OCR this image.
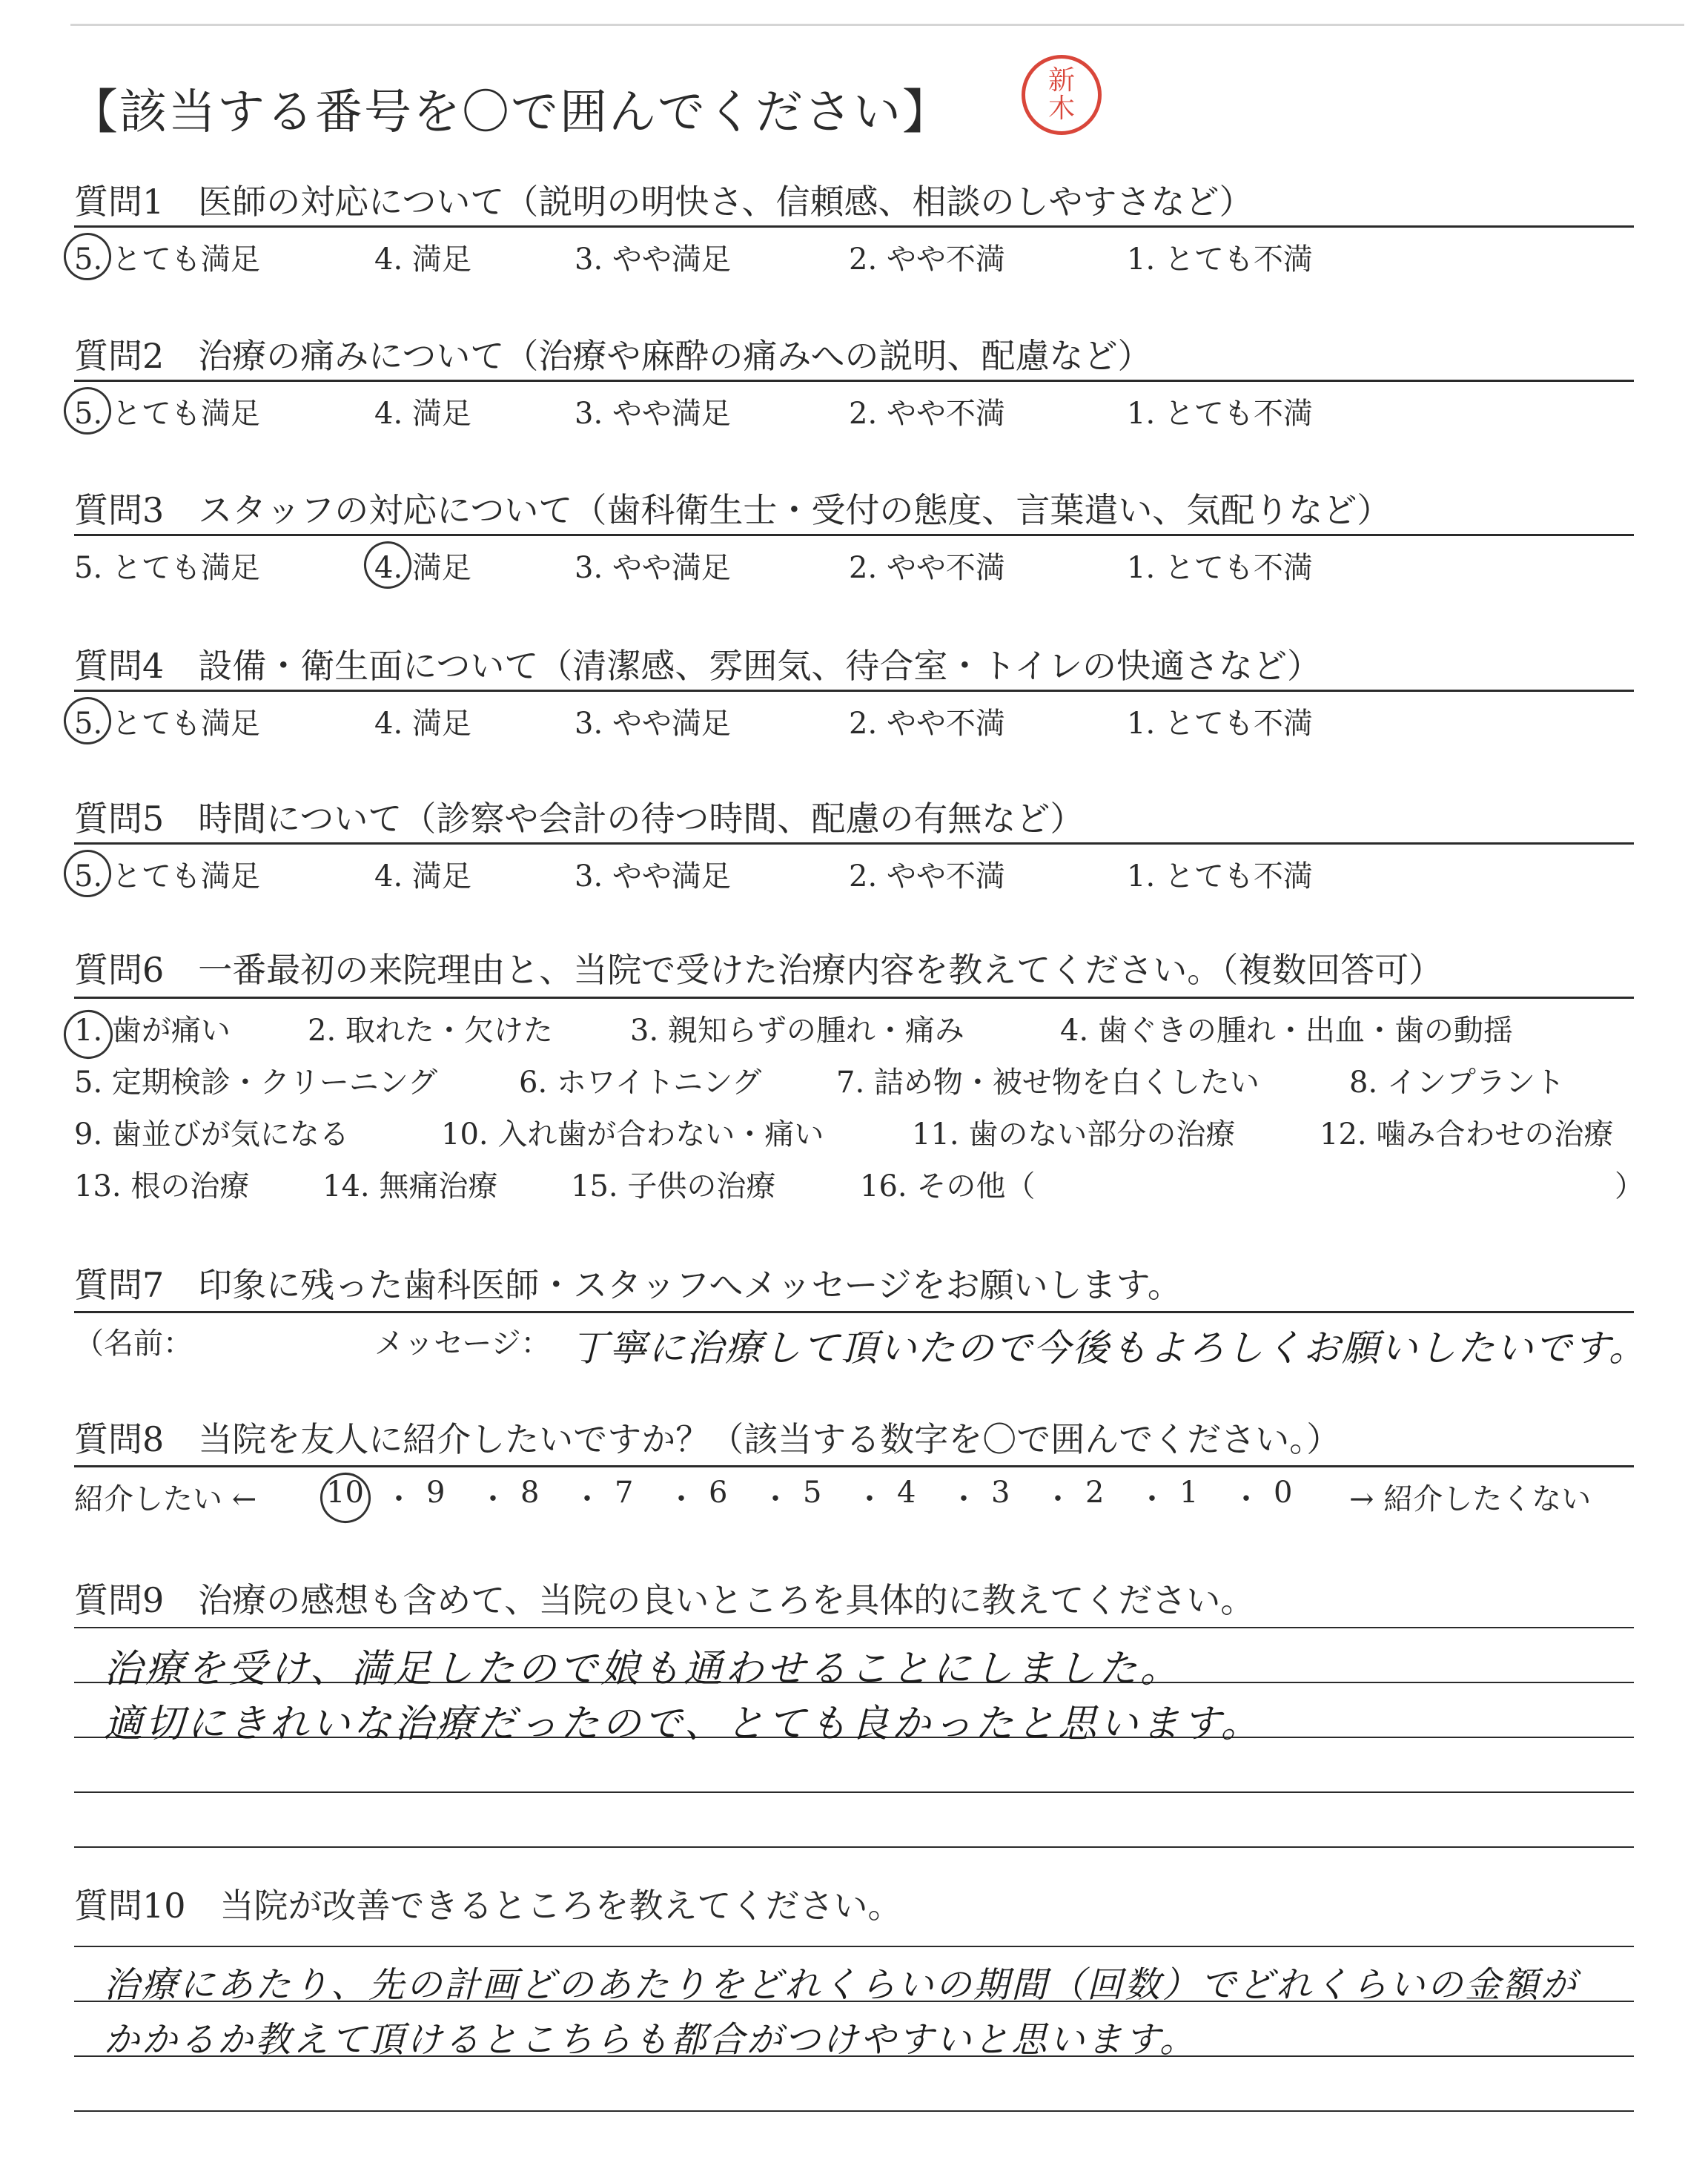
【該当する番号を〇で囲んでください】
新
木
質問1　 医師の対応について（説明の明快さ、信頼感、相談のしやすさなど）
5. とても満足	4. 満足	3. やや満足	2. やや不満	1. とても不満
質問2　 治療の痛みについて（治療や麻酔の痛みへの説明、配慮など）
5. とても満足	4. 満足	3. やや満足	2. やや不満	1. とても不満
質問3　 スタッフの対応について（歯科衛生士・受付の態度、言葉遣い、気配りなど）
5. とても満足	4. 満足	3. やや満足	2. やや不満	1. とても不満
質問4　 設備・衛生面について（清潔感、雰囲気、待合室・トイレの快適さなど）
5. とても満足	4. 満足	3. やや満足	2. やや不満	1. とても不満
質問5　 時間について（診察や会計の待つ時間、配慮の有無など）
5. とても満足	4. 満足	3. やや満足	2. やや不満	1. とても不満
質問6　 一番最初の来院理由と、当院で受けた治療内容を教えてください。（複数回答可）
1. 歯が痛い	2. 取れた・欠けた	3. 親知らずの腫れ・痛み	4. 歯ぐきの腫れ・出血・歯の動揺
5. 定期検診・クリーニング	6. ホワイトニング	7. 詰め物・被せ物を白くしたい	8. インプラント
9. 歯並びが気になる	10. 入れ歯が合わない・痛い	11. 歯のない部分の治療	12. 噛み合わせの治療
13. 根の治療 14. 無痛治療 15. 子供の治療	16. その他（	）
質問7　 印象に残った歯科医師・スタッフへメッセージをお願いします。
（名前：	メッセージ： 丁寧に治療して頂いたので今後もよろしくお願いしたいです。
質問8　 当院を友人に紹介したいですか？（該当する数字を〇で囲んでください。）
紹介したい ← 10 ・ 9 ・ 8 ・ 7 ・ 6 ・ 5 ・ 4 ・ 3 ・ 2 ・ 1 ・ 0 → 紹介したくない
質問9　 治療の感想も含めて、当院の良いところを具体的に教えてください。
治療を受け、満足したので娘も通わせることにしました。
適切にきれいな治療だったので、とても良かったと思います。
質問10　 当院が改善できるところを教えてください。
治療にあたり、先の計画どのあたりをどれくらいの期間（回数）でどれくらいの金額が
かかるか教えて頂けるとこちらも都合がつけやすいと思います。
